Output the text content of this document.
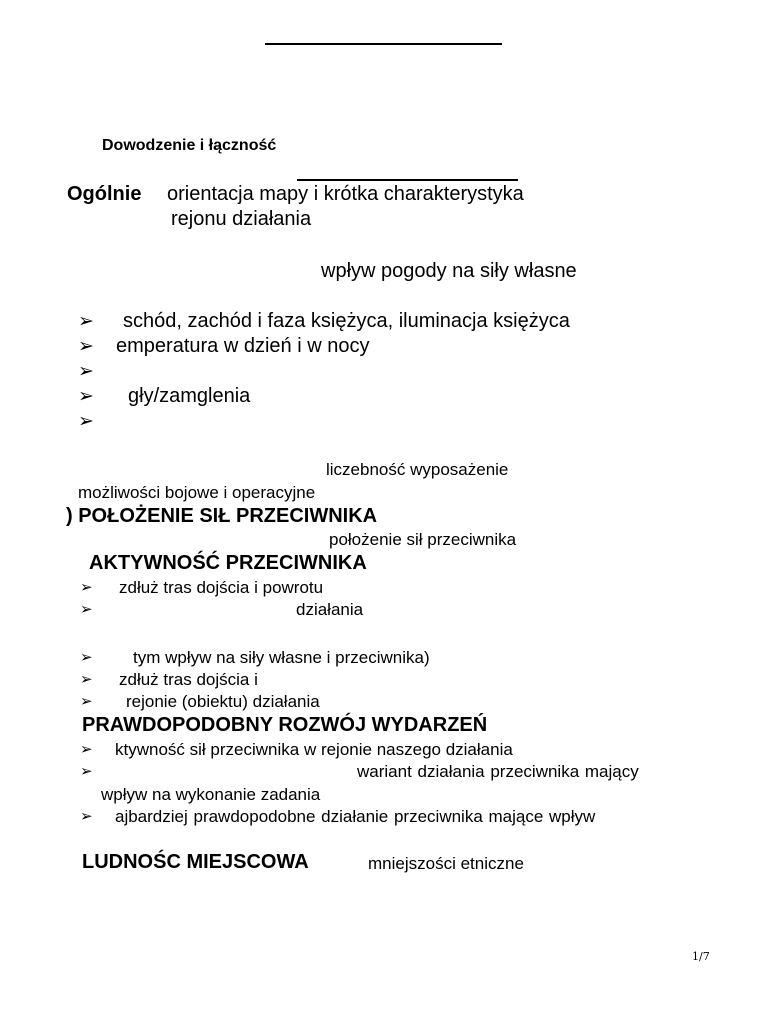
Dowodzenie i łączność
Ogólnie orientacja mapy i krótka charakterystyka
rejonu działania
wpływ pogody na siły własne
➢ schód, zachód i faza księżyca, iluminacja księżyca
➢ emperatura w dzień i w nocy
➢
➢ gły/zamglenia
➢
liczebność wyposażenie
możliwości bojowe i operacyjne
) POŁOŻENIE SIŁ PRZECIWNIKA
położenie sił przeciwnika
AKTYWNOŚĆ PRZECIWNIKA
➢ zdłuż tras dojścia i powrotu
➢	działania
➢ tym wpływ na siły własne i przeciwnika)
➢ zdłuż tras dojścia i
➢ rejonie (obiektu) działania
PRAWDOPODOBNY ROZWÓJ WYDARZEŃ
➢ ktywność sił przeciwnika w rejonie naszego działania
➢	wariant działania przeciwnika mający
wpływ na wykonanie zadania
➢ ajbardziej prawdopodobne działanie przeciwnika mające wpływ
LUDNOŚC MIEJSCOWA	mniejszości etniczne
1/7
